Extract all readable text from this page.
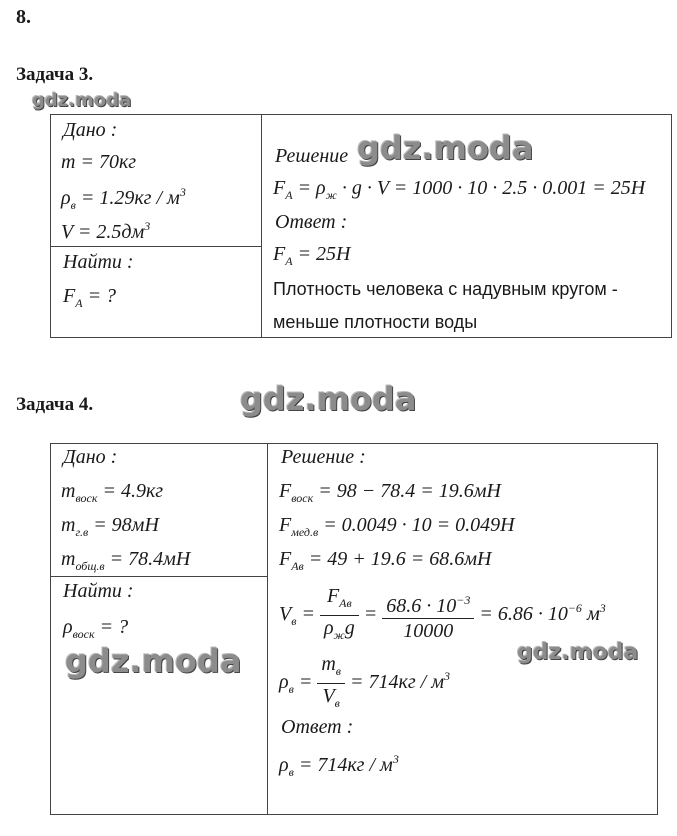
8.
Задача 3.
gdz.moda
Дано :
m = 70кг
$\rho_в = 1.29кг / м^3$
$V = 2.5дм^3$
Найти :
$F_A$ = ?
Решение gdz.moda
$F_A = \rho_ж \cdot g \cdot V = 1000 \cdot 10 \cdot 2.5 \cdot 0.001 = 25H$
Ответ :
$F_A = 25H$
Плотность человека с надувным кругом -
меньше плотности воды
Задача 4.	gdz.moda
Дано :
$m_{воск} = 4.9кг$
$m_{г.в} = 98мН$
$m_{общ.в} = 78.4мН$
Найти :
$\rho_{воск}$ = ?
gdz.moda
Решение :
$F_{воск} = 98 - 78.4 = 19.6мН$
$F_{мед.в} = 0.0049 \cdot 10 = 0.049Н$
$F_{Ав} = 49 + 19.6 = 68.6мН$
$V_в = \frac{F_{Ав}}{\rho_жg} = \frac{68.6 \cdot 10^{-3}}{10000} = 6.86 \cdot 10^{-6}$ $м^3$
gdz.moda
$\rho_в = \frac{m_в}{V_в} = 714кг / м^3$
Ответ :
$\rho_в = 714кг / м^3$
